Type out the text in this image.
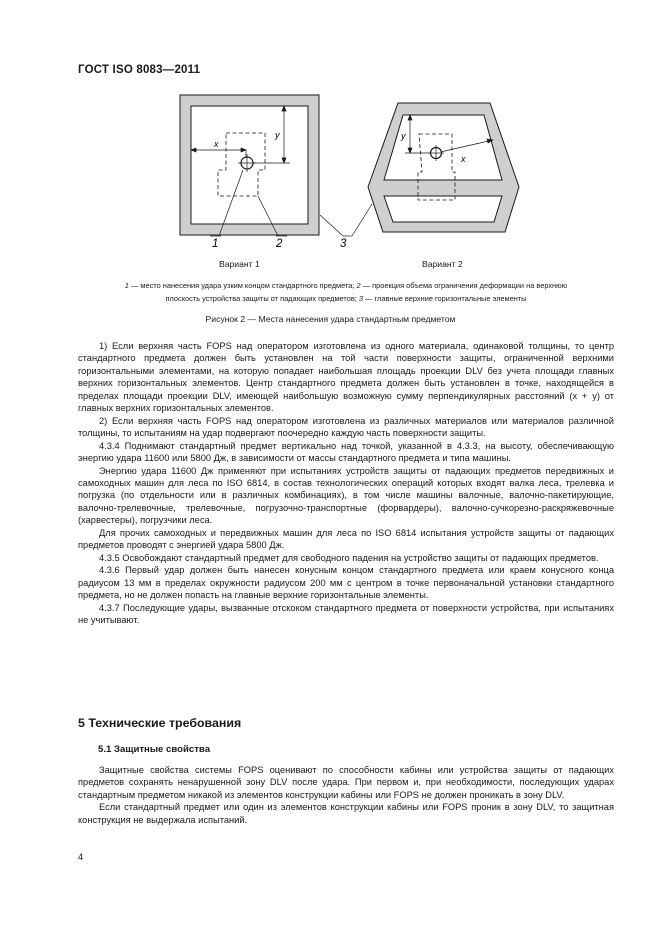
ГОСТ ISO 8083—2011
x
y
1	2	3
y
x
Вариант 1	Вариант 2
1 — место нанесения удара узким концом стандартного предмета; 2 — проекция объема ограничения деформации на верхнюю
плоскость устройства защиты от падающих предметов; 3 — главные верхние горизонтальные элементы
Рисунок 2 — Места нанесения удара стандартным предметом

1) Если верхняя часть FOPS над оператором изготовлена из одного материала, одинаковой толщины, то центр стандартного предмета должен быть установлен на той части поверхности защиты, ограниченной верхними горизонтальными элементами, на которую попадает наибольшая площадь проекции DLV без учета площади главных верхних горизонтальных элементов. Центр стандартного предмета должен быть установлен в точке, находящейся в пределах площади проекции DLV, имеющей наибольшую возможную сумму перпендикулярных расстояний (x + y) от главных верхних горизонтальных элементов.

2) Если верхняя часть FOPS над оператором изготовлена из различных материалов или материалов различной толщины, то испытаниям на удар подвергают поочередно каждую часть поверхности защиты.

4.3.4 Поднимают стандартный предмет вертикально над точкой, указанной в 4.3.3, на высоту, обеспечивающую энергию удара 11600 или 5800 Дж, в зависимости от массы стандартного предмета и типа машины.

Энергию удара 11600 Дж применяют при испытаниях устройств защиты от падающих предметов передвижных и самоходных машин для леса по ISO 6814, в состав технологических операций которых входят валка леса, трелевка и погрузка (по отдельности или в различных комбинациях), в том числе машины валочные, валочно-пакетирующие, валочно-трелевочные, трелевочные, погрузочно-транспортные (форвардеры), валочно-сучкорезно-раскряжевочные (харвестеры), погрузчики леса.

Для прочих самоходных и передвижных машин для леса по ISO 6814 испытания устройств защиты от падающих предметов проводят с энергией удара 5800 Дж.

4.3.5 Освобождают стандартный предмет для свободного падения на устройство защиты от падающих предметов.

4.3.6 Первый удар должен быть нанесен конусным концом стандартного предмета или краем конусного конца радиусом 13 мм в пределах окружности радиусом 200 мм с центром в точке первоначальной установки стандартного предмета, но не должен попасть на главные верхние горизонтальные элементы.

4.3.7 Последующие удары, вызванные отскоком стандартного предмета от поверхности устройства, при испытаниях не учитывают.

5 Технические требования
5.1 Защитные свойства

Защитные свойства системы FOPS оценивают по способности кабины или устройства защиты от падающих предметов сохранять ненарушенной зону DLV после удара. При первом и, при необходимости, последующих ударах стандартным предметом никакой из элементов конструкции кабины или FOPS не должен проникать в зону DLV.

Если стандартный предмет или один из элементов конструкции кабины или FOPS проник в зону DLV, то защитная конструкция не выдержала испытаний.

4
